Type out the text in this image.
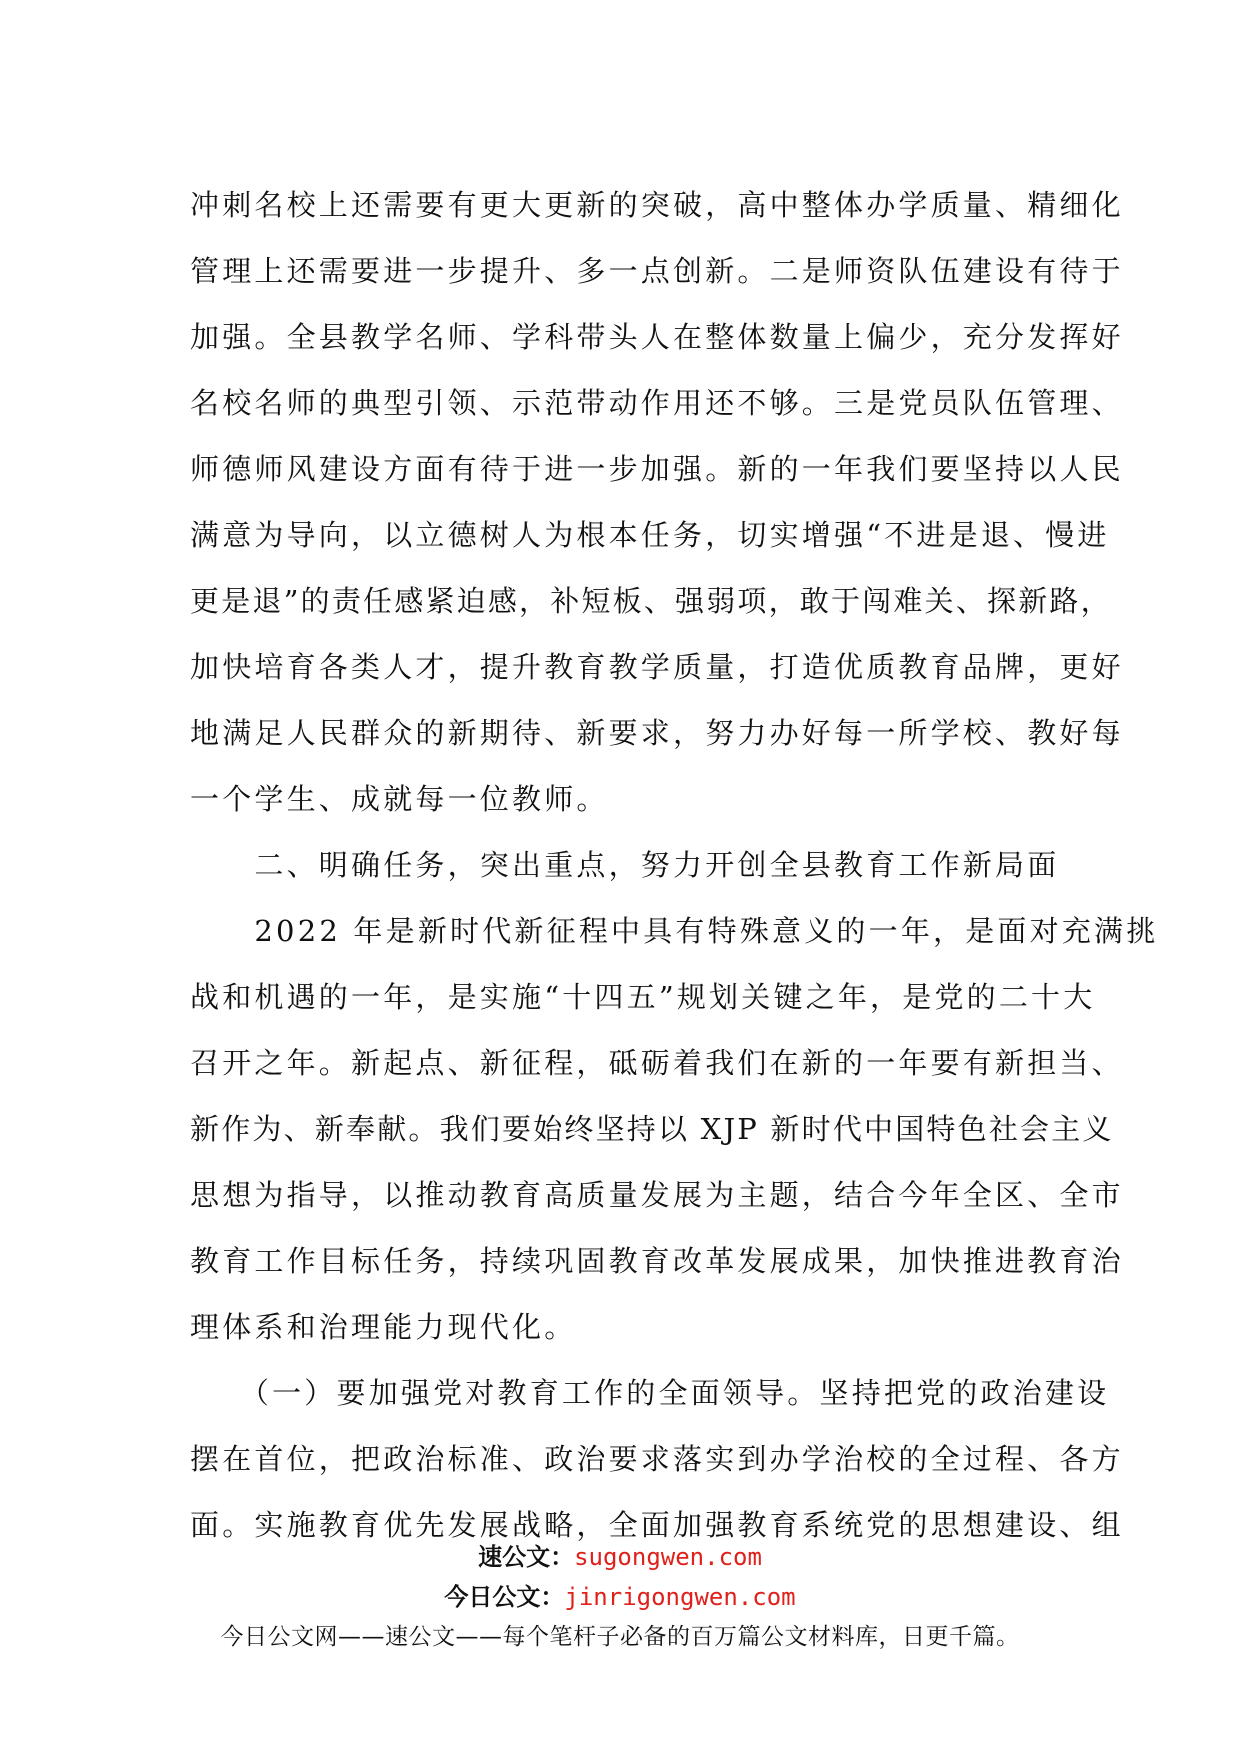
冲刺名校上还需要有更大更新的突破，高中整体办学质量、精细化
管理上还需要进一步提升、多一点创新。二是师资队伍建设有待于
加强。全县教学名师、学科带头人在整体数量上偏少，充分发挥好
名校名师的典型引领、示范带动作用还不够。三是党员队伍管理、
师德师风建设方面有待于进一步加强。新的一年我们要坚持以人民
满意为导向，以立德树人为根本任务，切实增强“不进是退、慢进
更是退”的责任感紧迫感，补短板、强弱项，敢于闯难关、探新路，
加快培育各类人才，提升教育教学质量，打造优质教育品牌，更好
地满足人民群众的新期待、新要求，努力办好每一所学校、教好每
一个学生、成就每一位教师。
　　二、明确任务，突出重点，努力开创全县教育工作新局面
　　2022 年是新时代新征程中具有特殊意义的一年，是面对充满挑
战和机遇的一年，是实施“十四五”规划关键之年，是党的二十大
召开之年。新起点、新征程，砥砺着我们在新的一年要有新担当、
新作为、新奉献。我们要始终坚持以 XJP 新时代中国特色社会主义
思想为指导，以推动教育高质量发展为主题，结合今年全区、全市
教育工作目标任务，持续巩固教育改革发展成果，加快推进教育治
理体系和治理能力现代化。
　　（一）要加强党对教育工作的全面领导。坚持把党的政治建设
摆在首位，把政治标准、政治要求落实到办学治校的全过程、各方
面。实施教育优先发展战略，全面加强教育系统党的思想建设、组
速公文：sugongwen.com
今日公文：jinrigongwen.com
今日公文网——速公文——每个笔杆子必备的百万篇公文材料库，日更千篇。
